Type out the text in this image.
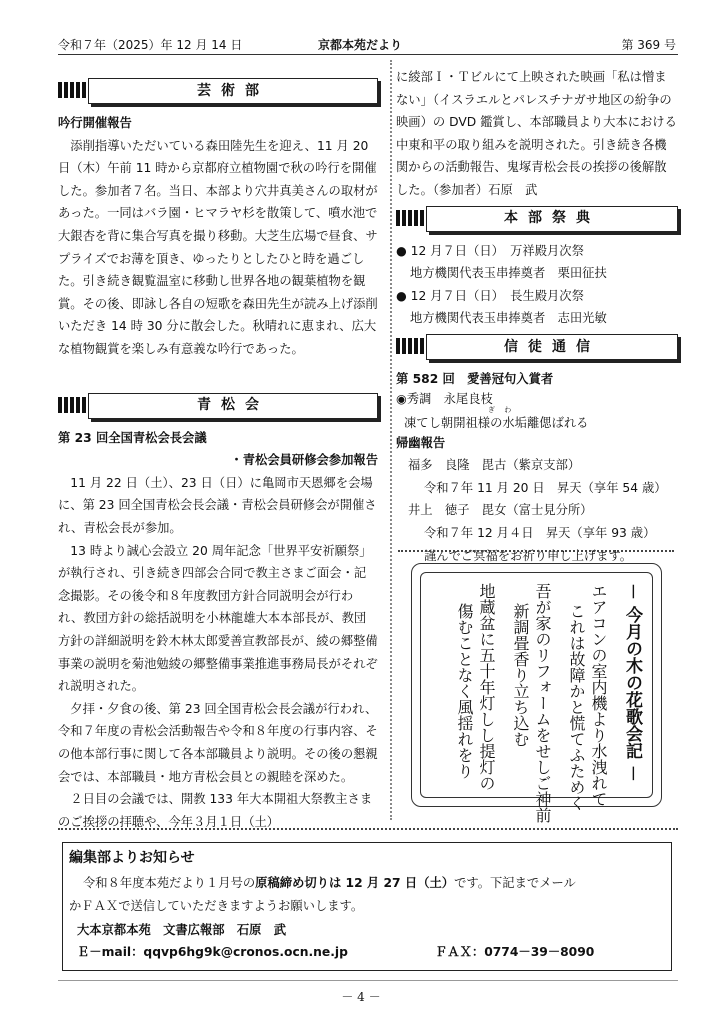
令和７年（2025）年 12 月 14 日	京都本苑だより	第 369 号
芸術部

吟行開催報告

添削指導いただいている森田陸先生を迎え、11 月 20 日（木）午前 11 時から京都府立植物園で秋の吟行を開催した。参加者７名。当日、本部より穴井真美さんの取材があった。一同はバラ園・ヒマラヤ杉を散策して、噴水池で大銀杏を背に集合写真を撮り移動。大芝生広場で昼食、サプライズでお薄を頂き、ゆったりとしたひと時を過ごした。引き続き観覧温室に移動し世界各地の観葉植物を観賞。その後、即詠し各自の短歌を森田先生が読み上げ添削いただき 14 時 30 分に散会した。秋晴れに恵まれ、広大な植物観賞を楽しみ有意義な吟行であった。

青松会

第 23 回全国青松会長会議

・青松会員研修会参加報告

11 月 22 日（土）、23 日（日）に亀岡市天恩郷を会場に、第 23 回全国青松会長会議・青松会員研修会が開催され、青松会長が参加。

13 時より誠心会設立 20 周年記念「世界平安祈願祭」が執行され、引き続き四部会合同で教主さまご面会・記念撮影。その後令和８年度教団方針合同説明会が行われ、教団方針の総括説明を小林龍雄大本本部長が、教団方針の詳細説明を鈴木林太郎愛善宣教部長が、綾の郷整備事業の説明を菊池勉綾の郷整備事業推進事務局長がそれぞれ説明された。

夕拝・夕食の後、第 23 回全国青松会長会議が行われ、令和７年度の青松会活動報告や令和８年度の行事内容、その他本部行事に関して各本部職員より説明。その後の懇親会では、本部職員・地方青松会員との親睦を深めた。

２日目の会議では、開教 133 年大本開祖大祭教主さまのご挨拶の拝聴や、今年３月１日（土）

に綾部Ｉ・Ｔビルにて上映された映画「私は憎まない」（イスラエルとパレスチナガサ地区の紛争の映画）の DVD 鑑賞し、本部職員より大本における中東和平の取り組みを説明された。引き続き各機関からの活動報告、鬼塚青松会長の挨拶の後解散した。（参加者）石原　武

本部祭典

● 12 月７日（日）　万祥殿月次祭

地方機関代表玉串捧奠者　栗田征扶

● 12 月７日（日）　長生殿月次祭

地方機関代表玉串捧奠者　志田光敏

信徒通信

第 582 回　愛善冠句入賞者

◉秀調　永尾良枝

ぎ　 わ

凍てし朝開祖様の水垢離偲ばれる

帰幽報告

福多　良隆　毘古（紫京支部）

令和７年 11 月 20 日　昇天（享年 54 歳）

井上　徳子　毘女（富士見分所）

令和７年 12 月４日　昇天（享年 93 歳）

謹んでご冥福をお祈り申し上げます。

－ 今月の木の花歌会記 －
エアコンの室内機より水洩れて
これは故障かと慌てふためく
吾が家のリフォームをせしご神前
新調畳香り立ち込む
地蔵盆に五十年灯しし提灯の
傷むことなく風揺れをり
編集部よりお知らせ

令和８年度本苑だより１月号の原稿締め切りは 12 月 27 日（土）です。下記までメール

かＦＡＸで送信していただきますようお願いします。

大本京都本苑　文書広報部　石原　武

Ｅ－mail：qqvp6hg9k@cronos.ocn.ne.jp	ＦＡＸ：0774－39－8090

－ 4 －
